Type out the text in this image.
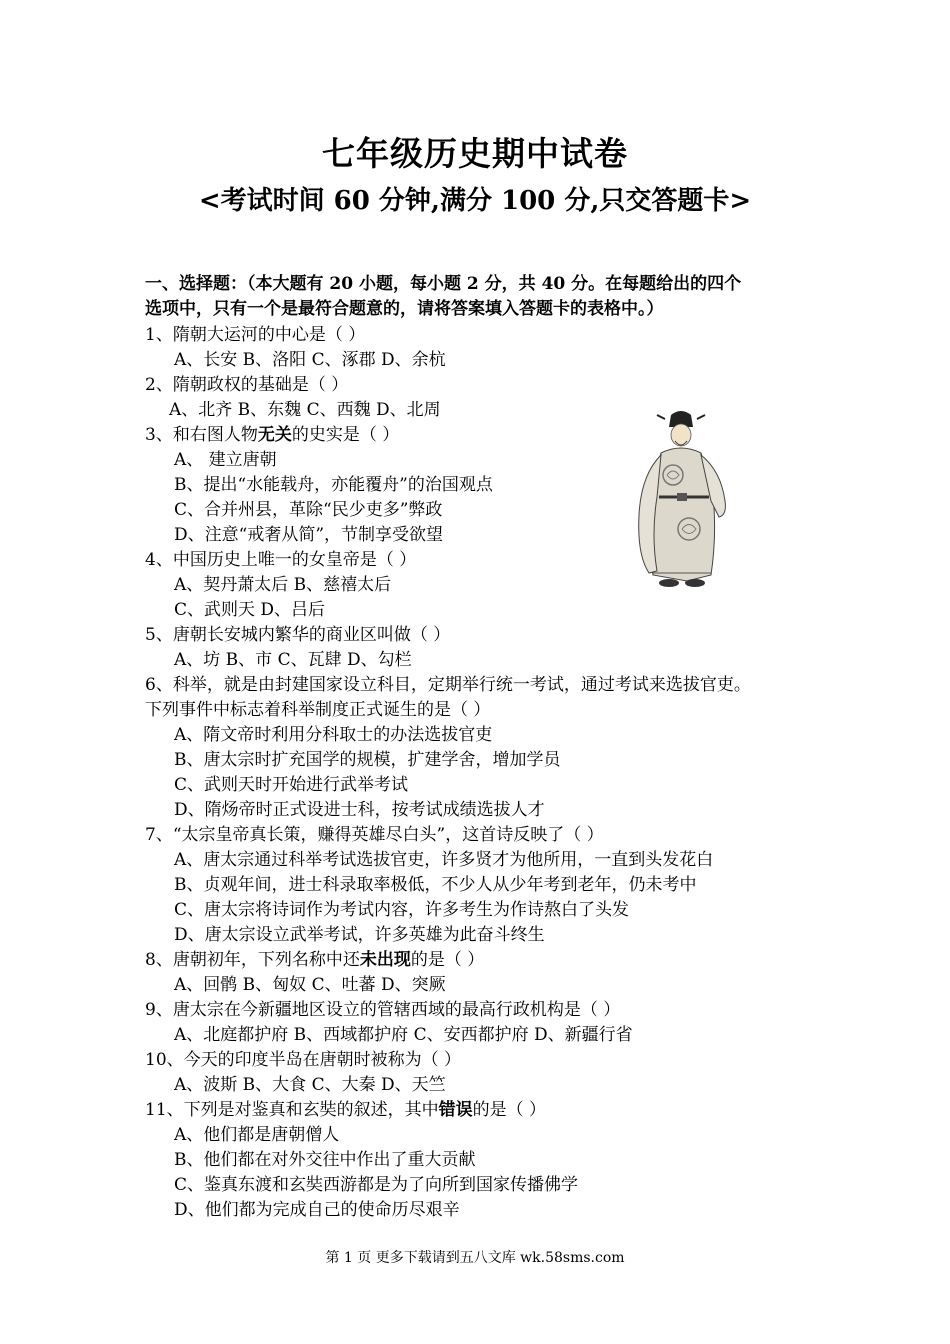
七年级历史期中试卷
<考试时间 60 分钟,满分 100 分,只交答题卡>
一、选择题：（本大题有 20 小题，每小题 2 分，共 40 分。在每题给出的四个
选项中，只有一个是最符合题意的，请将答案填入答题卡的表格中。）
1、隋朝大运河的中心是（ ）
A、长安 B、洛阳 C、涿郡 D、余杭
2、隋朝政权的基础是（ ）
A、北齐 B、东魏 C、西魏 D、北周
3、和右图人物无关的史实是（ ）
A、 建立唐朝
B、提出“水能载舟，亦能覆舟”的治国观点
C、合并州县，革除“民少吏多”弊政
D、注意“戒奢从简”，节制享受欲望
4、中国历史上唯一的女皇帝是（ ）
A、契丹萧太后 B、慈禧太后
C、武则天 D、吕后
5、唐朝长安城内繁华的商业区叫做（ ）
A、坊 B、市 C、瓦肆 D、勾栏
6、科举，就是由封建国家设立科目，定期举行统一考试，通过考试来选拔官吏。
下列事件中标志着科举制度正式诞生的是（ ）
A、隋文帝时利用分科取士的办法选拔官吏
B、唐太宗时扩充国学的规模，扩建学舍，增加学员
C、武则天时开始进行武举考试
D、隋炀帝时正式设进士科，按考试成绩选拔人才
7、“太宗皇帝真长策，赚得英雄尽白头”，这首诗反映了（ ）
A、唐太宗通过科举考试选拔官吏，许多贤才为他所用，一直到头发花白
B、贞观年间，进士科录取率极低，不少人从少年考到老年，仍未考中
C、唐太宗将诗词作为考试内容，许多考生为作诗熬白了头发
D、唐太宗设立武举考试，许多英雄为此奋斗终生
8、唐朝初年，下列名称中还未出现的是（ ）
A、回鹘 B、匈奴 C、吐蕃 D、突厥
9、唐太宗在今新疆地区设立的管辖西域的最高行政机构是（ ）
A、北庭都护府 B、西域都护府 C、安西都护府 D、新疆行省
10、今天的印度半岛在唐朝时被称为（ ）
A、波斯 B、大食 C、大秦 D、天竺
11、下列是对鉴真和玄奘的叙述，其中错误的是（ ）
A、他们都是唐朝僧人
B、他们都在对外交往中作出了重大贡献
C、鉴真东渡和玄奘西游都是为了向所到国家传播佛学
D、他们都为完成自己的使命历尽艰辛
第 1 页 更多下载请到五八文库 wk.58sms.com
